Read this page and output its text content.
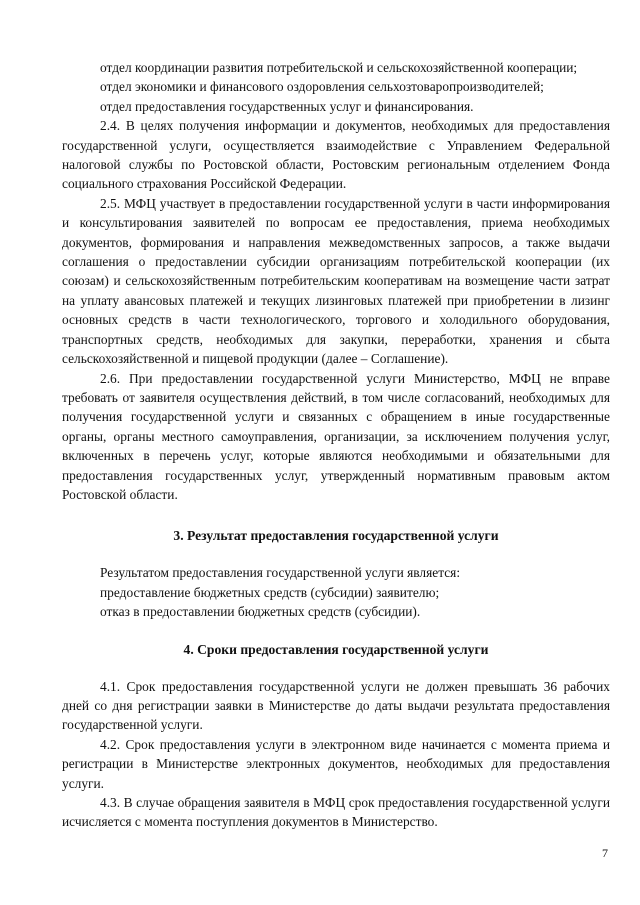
отдел координации развития потребительской и сельскохозяйственной кооперации;

отдел экономики и финансового оздоровления сельхозтоваропроизводителей;

отдел предоставления государственных услуг и финансирования.

2.4. В целях получения информации и документов, необходимых для предоставления государственной услуги, осуществляется взаимодействие с Управлением Федеральной налоговой службы по Ростовской области, Ростовским региональным отделением Фонда социального страхования Российской Федерации.

2.5. МФЦ участвует в предоставлении государственной услуги в части информирования и консультирования заявителей по вопросам ее предоставления, приема необходимых документов, формирования и направления межведомственных запросов, а также выдачи соглашения о предоставлении субсидии организациям потребительской кооперации (их союзам) и сельскохозяйственным потребительским кооперативам на возмещение части затрат на уплату авансовых платежей и текущих лизинговых платежей при приобретении в лизинг основных средств в части технологического, торгового и холодильного оборудования, транспортных средств, необходимых для закупки, переработки, хранения и сбыта сельскохозяйственной и пищевой продукции (далее – Соглашение).

2.6. При предоставлении государственной услуги Министерство, МФЦ не вправе требовать от заявителя осуществления действий, в том числе согласований, необходимых для получения государственной услуги и связанных с обращением в иные государственные органы, органы местного самоуправления, организации, за исключением получения услуг, включенных в перечень услуг, которые являются необходимыми и обязательными для предоставления государственных услуг, утвержденный нормативным правовым актом Ростовской области.

3. Результат предоставления государственной услуги

Результатом предоставления государственной услуги является:

предоставление бюджетных средств (субсидии) заявителю;

отказ в предоставлении бюджетных средств (субсидии).

4. Сроки предоставления государственной услуги

4.1. Срок предоставления государственной услуги не должен превышать 36 рабочих дней со дня регистрации заявки в Министерстве до даты выдачи результата предоставления государственной услуги.

4.2. Срок предоставления услуги в электронном виде начинается с момента приема и регистрации в Министерстве электронных документов, необходимых для предоставления услуги.

4.3. В случае обращения заявителя в МФЦ срок предоставления государственной услуги исчисляется с момента поступления документов в Министерство.

7
